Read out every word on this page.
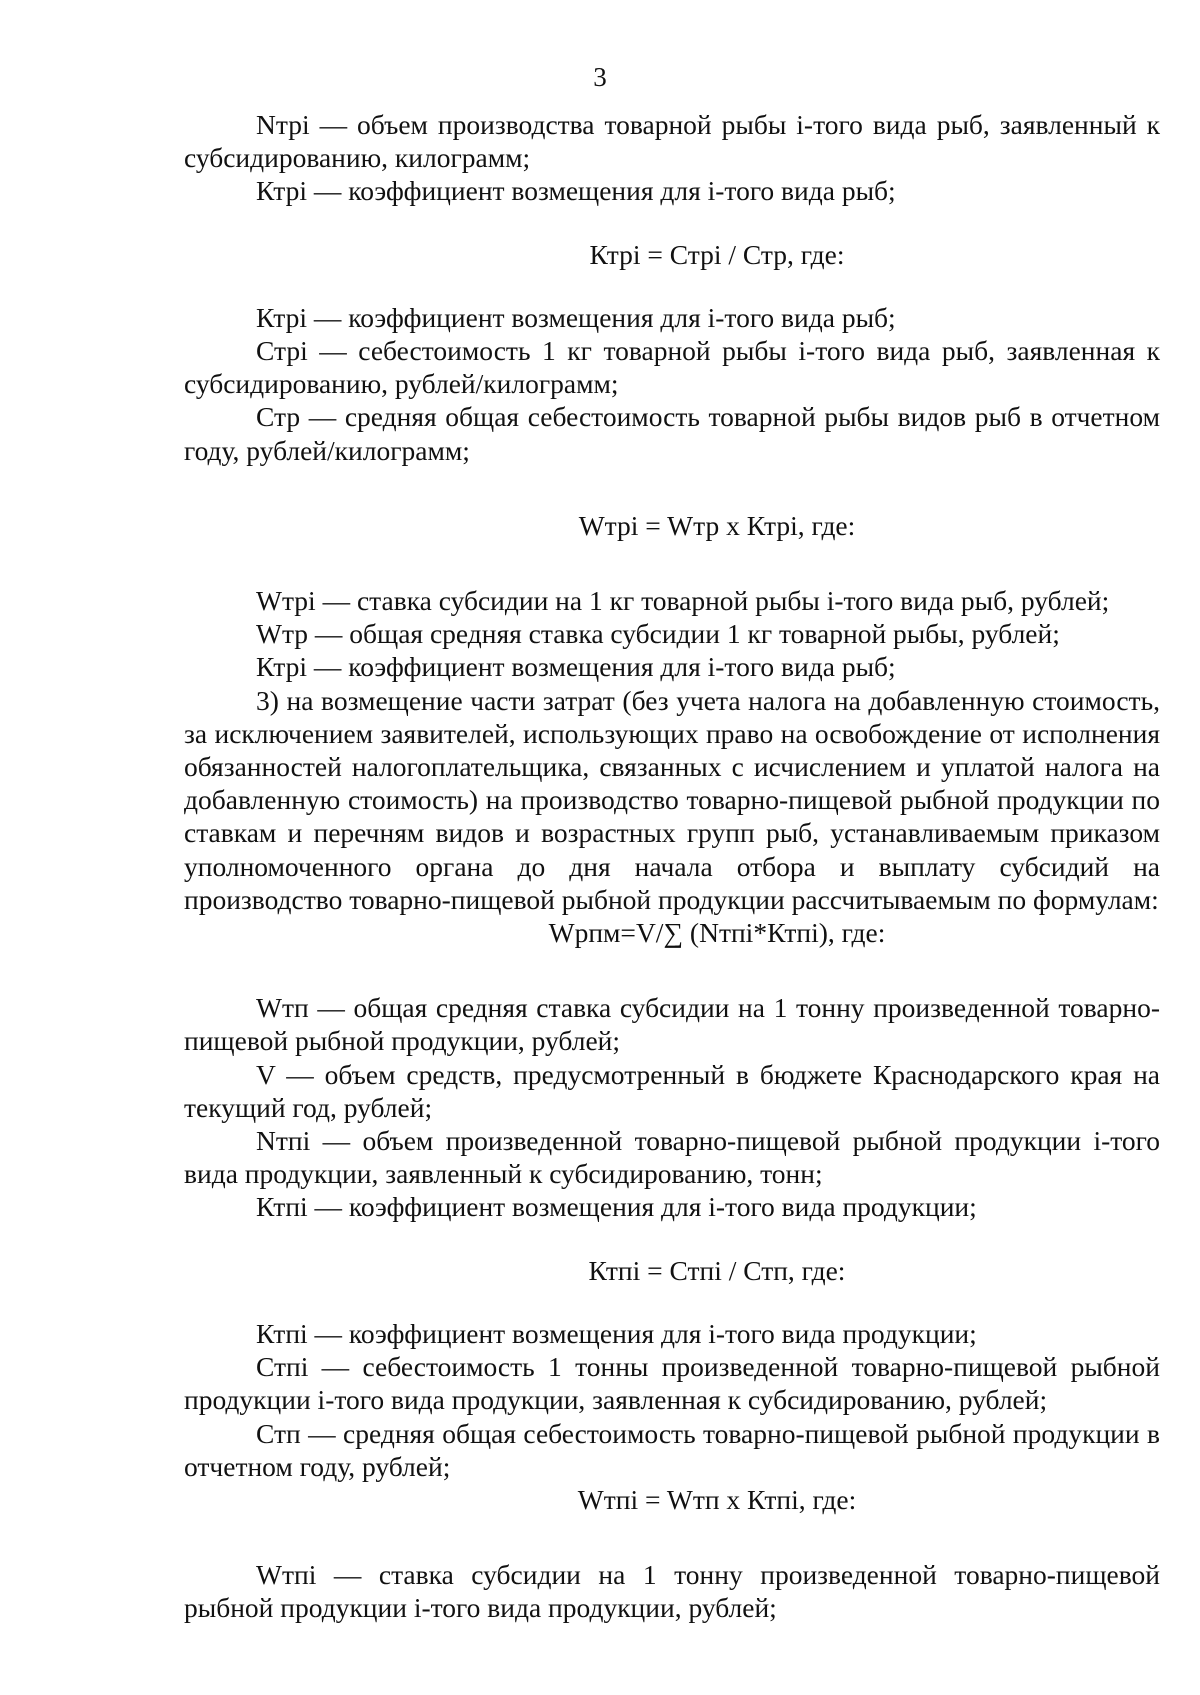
3

Nтрi — объем производства товарной рыбы i-того вида рыб, заявленный к субсидированию, килограмм;

Ктрi — коэффициент возмещения для i-того вида рыб;

Ктрi = Стрi / Стр, где:

Ктрi — коэффициент возмещения для i-того вида рыб;

Стрi — себестоимость 1 кг товарной рыбы i-того вида рыб, заявленная к субсидированию, рублей/килограмм;

Стр — средняя общая себестоимость товарной рыбы видов рыб в отчетном году, рублей/килограмм;

Wтрi = Wтр x Ктрi, где:

Wтрi — ставка субсидии на 1 кг товарной рыбы i-того вида рыб, рублей;

Wтр — общая средняя ставка субсидии 1 кг товарной рыбы, рублей;

Ктрi — коэффициент возмещения для i-того вида рыб;

3) на возмещение части затрат (без учета налога на добавленную стоимость, за исключением заявителей, использующих право на освобождение от исполнения обязанностей налогоплательщика, связанных с исчислением и уплатой налога на добавленную стоимость) на производство товарно-пищевой рыбной продукции по ставкам и перечням видов и возрастных групп рыб, устанавливаемым приказом уполномоченного органа до дня начала отбора и выплату субсидий на производство товарно-пищевой рыбной продукции рассчитываемым по формулам:

Wрпм=V/∑ (Nтпi*Ктпi), где:

Wтп — общая средняя ставка субсидии на 1 тонну произведенной товарно-пищевой рыбной продукции, рублей;

V — объем средств, предусмотренный в бюджете Краснодарского края на текущий год, рублей;

Nтпi — объем произведенной товарно-пищевой рыбной продукции i-того вида продукции, заявленный к субсидированию, тонн;

Ктпi — коэффициент возмещения для i-того вида продукции;

Ктпi = Стпi / Стп, где:

Ктпi — коэффициент возмещения для i-того вида продукции;

Стпi — себестоимость 1 тонны произведенной товарно-пищевой рыбной продукции i-того вида продукции, заявленная к субсидированию, рублей;

Стп — средняя общая себестоимость товарно-пищевой рыбной продукции в отчетном году, рублей;

Wтпi = Wтп x Ктпi, где:

Wтпi — ставка субсидии на 1 тонну произведенной товарно-пищевой рыбной продукции i-того вида продукции, рублей;
